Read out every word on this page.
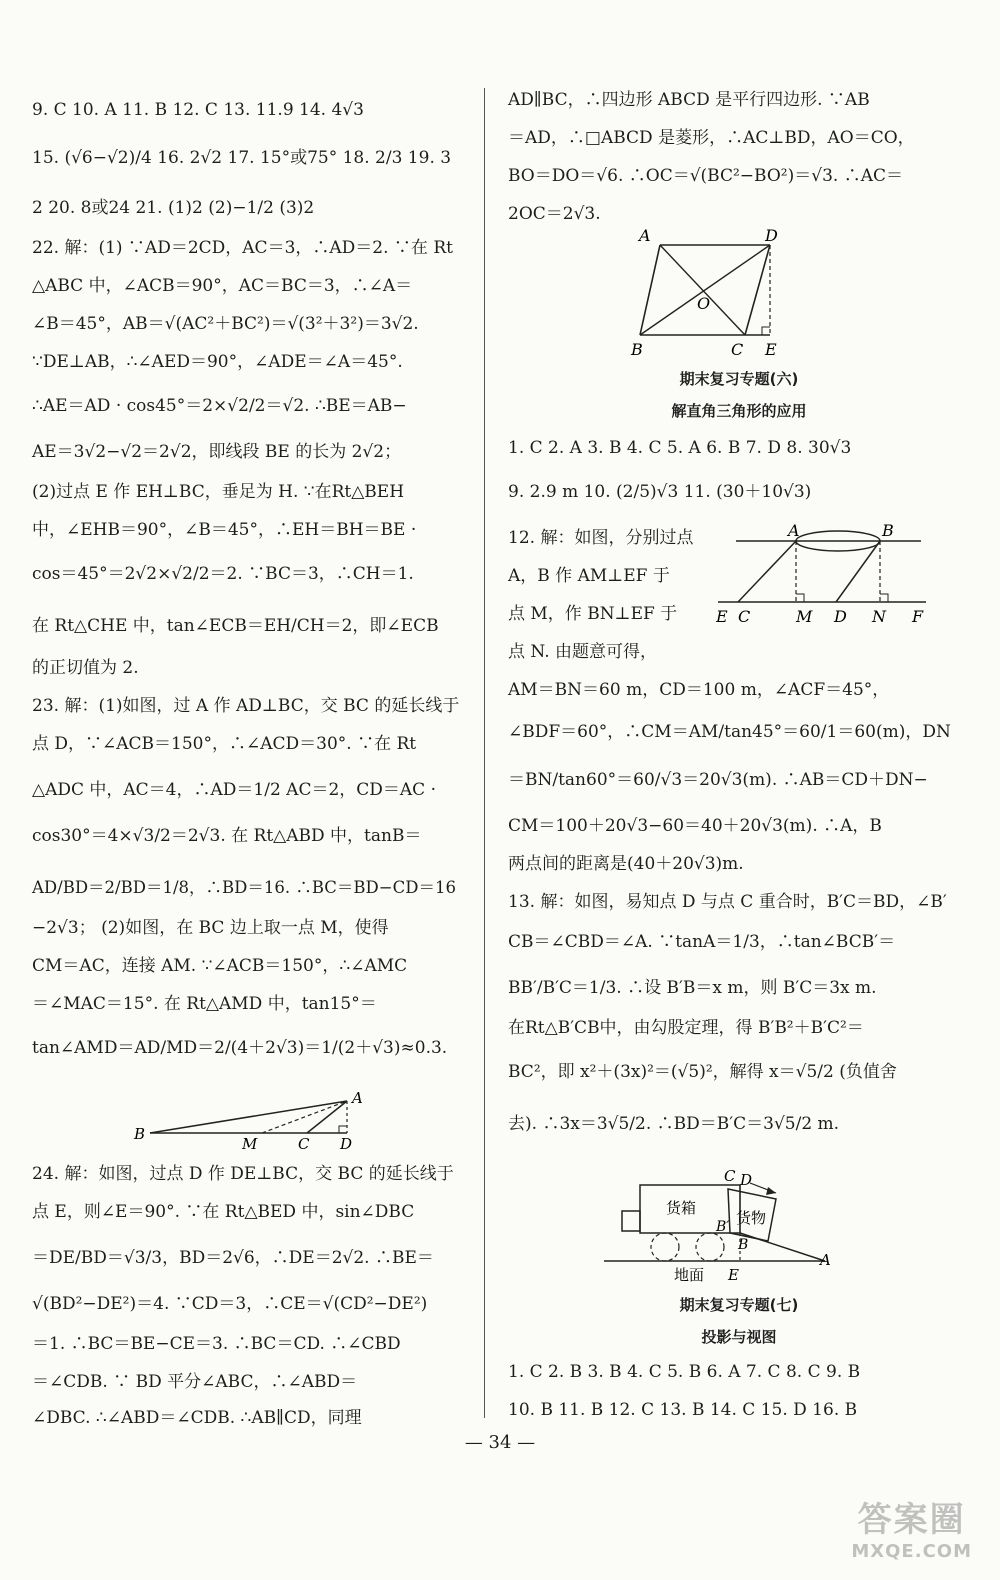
9. C 10. A 11. B 12. C 13. 11.9 14. 4√3
15. (√6−√2)/4 16. 2√2 17. 15°或75° 18. 2/3 19. 3
2 20. 8或24 21. (1)2 (2)−1/2 (3)2
22. 解：(1) ∵AD＝2CD，AC＝3，∴AD＝2. ∵在 Rt
△ABC 中，∠ACB＝90°，AC＝BC＝3，∴∠A＝
∠B＝45°，AB＝√(AC²＋BC²)＝√(3²＋3²)＝3√2.
∵DE⊥AB，∴∠AED＝90°，∠ADE＝∠A＝45°.
∴AE＝AD · cos45°＝2×√2/2＝√2. ∴BE＝AB−
AE＝3√2−√2＝2√2，即线段 BE 的长为 2√2；
(2)过点 E 作 EH⊥BC，垂足为 H. ∵在Rt△BEH
中，∠EHB＝90°，∠B＝45°，∴EH＝BH＝BE ·
cos＝45°＝2√2×√2/2＝2. ∵BC＝3，∴CH＝1.
在 Rt△CHE 中，tan∠ECB＝EH/CH＝2，即∠ECB
的正切值为 2.
23. 解：(1)如图，过 A 作 AD⊥BC，交 BC 的延长线于
点 D，∵∠ACB＝150°，∴∠ACD＝30°. ∵在 Rt
△ADC 中，AC＝4，∴AD＝1/2 AC＝2，CD＝AC ·
cos30°＝4×√3/2＝2√3. 在 Rt△ABD 中，tanB＝
AD/BD＝2/BD＝1/8，∴BD＝16. ∴BC＝BD−CD＝16
−2√3； (2)如图，在 BC 边上取一点 M，使得
CM＝AC，连接 AM. ∵∠ACB＝150°，∴∠AMC
＝∠MAC＝15°. 在 Rt△AMD 中，tan15°＝
tan∠AMD＝AD/MD＝2/(4＋2√3)＝1/(2＋√3)≈0.3.
24. 解：如图，过点 D 作 DE⊥BC，交 BC 的延长线于
点 E，则∠E＝90°. ∵在 Rt△BED 中，sin∠DBC
＝DE/BD＝√3/3，BD＝2√6，∴DE＝2√2. ∴BE＝
√(BD²−DE²)＝4. ∵CD＝3，∴CE＝√(CD²−DE²)
＝1. ∴BC＝BE−CE＝3. ∴BC＝CD. ∴∠CBD
＝∠CDB. ∵ BD 平分∠ABC，∴∠ABD＝
∠DBC. ∴∠ABD＝∠CDB. ∴AB∥CD，同理
期末复习专题(六)
解直角三角形的应用
期末复习专题(七)
投影与视图
AD∥BC，∴四边形 ABCD 是平行四边形. ∵AB
＝AD，∴□ABCD 是菱形，∴AC⊥BD，AO＝CO，
BO＝DO＝√6. ∴OC＝√(BC²−BO²)＝√3. ∴AC＝
2OC＝2√3.
1. C 2. A 3. B 4. C 5. A 6. B 7. D 8. 30√3
9. 2.9 m 10. (2/5)√3 11. (30＋10√3)
12. 解：如图，分别过点
A，B 作 AM⊥EF 于
点 M，作 BN⊥EF 于
点 N. 由题意可得，
AM＝BN＝60 m，CD＝100 m，∠ACF＝45°，
∠BDF＝60°，∴CM＝AM/tan45°＝60/1＝60(m)，DN
＝BN/tan60°＝60/√3＝20√3(m). ∴AB＝CD＋DN−
CM＝100＋20√3−60＝40＋20√3(m). ∴A，B
两点间的距离是(40＋20√3)m.
13. 解：如图，易知点 D 与点 C 重合时，B′C＝BD，∠B′
CB＝∠CBD＝∠A. ∵tanA＝1/3，∴tan∠BCB′＝
BB′/B′C＝1/3. ∴设 B′B＝x m，则 B′C＝3x m.
在Rt△B′CB中，由勾股定理，得 B′B²＋B′C²＝
BC²，即 x²＋(3x)²＝(√5)²，解得 x＝√5/2 (负值舍
去). ∴3x＝3√5/2. ∴BD＝B′C＝3√5/2 m.
1. C 2. B 3. B 4. C 5. B 6. A 7. C 8. C 9. B
10. B 11. B 12. C 13. B 14. C 15. D 16. B
A	D
O
B	C E
A	B
E C	M D N F
A
B
M	C D
C D
货箱
货物
B′
B
地面 E
A
— 34 —
答案圈
MXQE.COM
